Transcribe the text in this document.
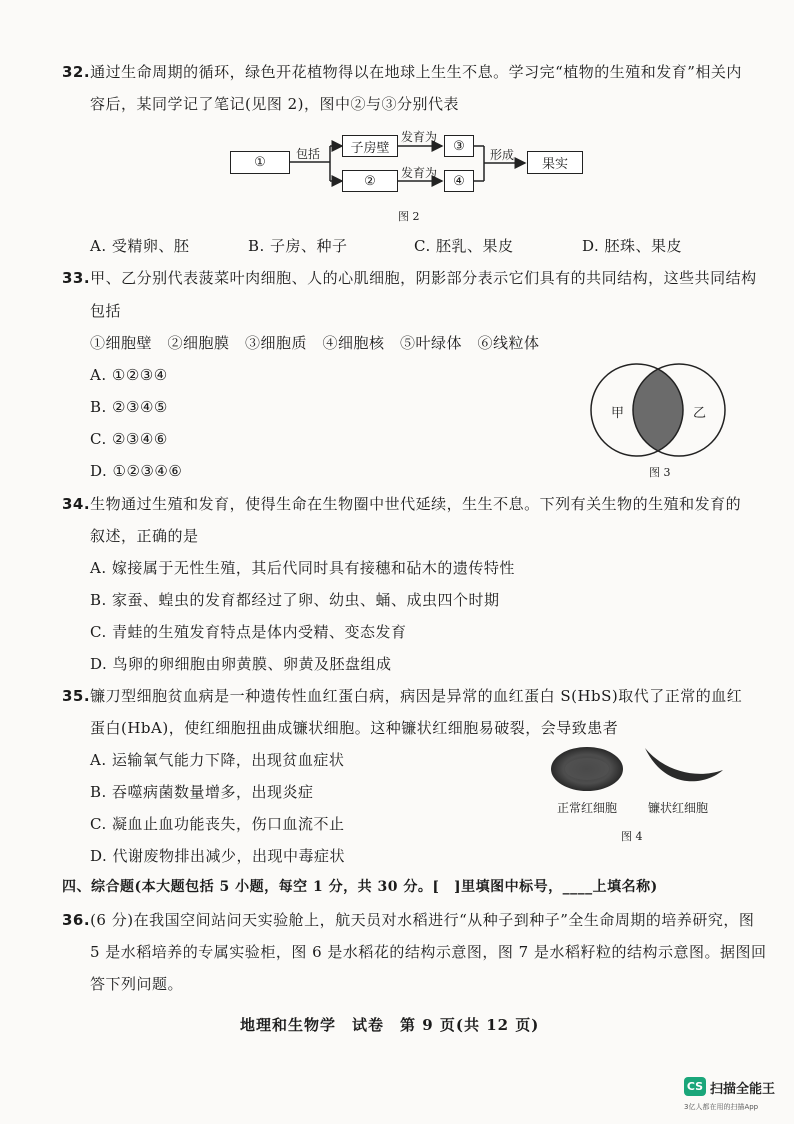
32.通过生命周期的循环，绿色开花植物得以在地球上生生不息。学习完“植物的生殖和发育”相关内
容后，某同学记了笔记(见图 2)，图中②与③分别代表
①
包括	子房壁
②
发育为
发育为
③
④
形成
果实
图 2
A. 受精卵、胚	B. 子房、种子	C. 胚乳、果皮	D. 胚珠、果皮
33.甲、乙分别代表菠菜叶肉细胞、人的心肌细胞，阴影部分表示它们具有的共同结构，这些共同结构
包括
①细胞壁　②细胞膜　③细胞质　④细胞核　⑤叶绿体　⑥线粒体
A. ①②③④
B. ②③④⑤
C. ②③④⑥
D. ①②③④⑥
甲	乙
图 3
34.生物通过生殖和发育，使得生命在生物圈中世代延续，生生不息。下列有关生物的生殖和发育的
叙述，正确的是
A. 嫁接属于无性生殖，其后代同时具有接穗和砧木的遗传特性
B. 家蚕、蝗虫的发育都经过了卵、幼虫、蛹、成虫四个时期
C. 青蛙的生殖发育特点是体内受精、变态发育
D. 鸟卵的卵细胞由卵黄膜、卵黄及胚盘组成
35.镰刀型细胞贫血病是一种遗传性血红蛋白病，病因是异常的血红蛋白 S(HbS)取代了正常的血红
蛋白(HbA)，使红细胞扭曲成镰状细胞。这种镰状红细胞易破裂，会导致患者
A. 运输氧气能力下降，出现贫血症状
B. 吞噬病菌数量增多，出现炎症
C. 凝血止血功能丧失，伤口血流不止
D. 代谢废物排出减少，出现中毒症状
正常红细胞	镰状红细胞
图 4
四、综合题(本大题包括 5 小题，每空 1 分，共 30 分。[　]里填图中标号，____上填名称)
36.(6 分)在我国空间站问天实验舱上，航天员对水稻进行“从种子到种子”全生命周期的培养研究，图
5 是水稻培养的专属实验柜，图 6 是水稻花的结构示意图，图 7 是水稻籽粒的结构示意图。据图回
答下列问题。
地理和生物学　试卷　第 9 页(共 12 页)
CS 扫描全能王
3亿人都在用的扫描App
